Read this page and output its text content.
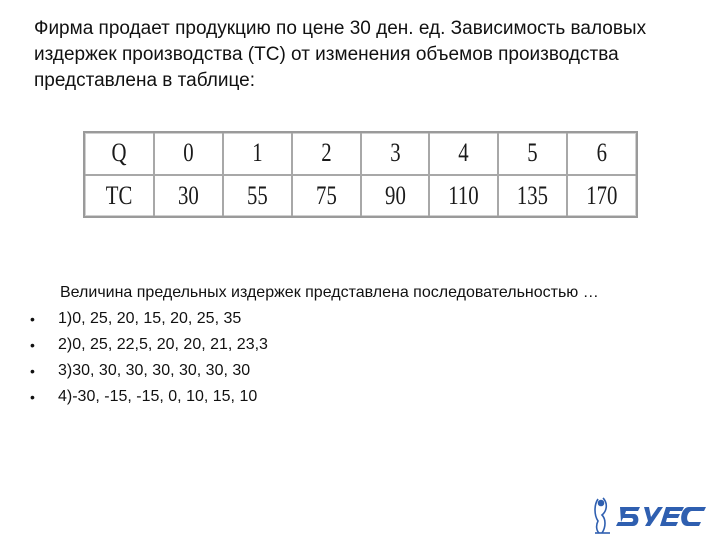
Фирма продает продукцию по цене 30 ден. ед. Зависимость валовых издержек производства (ТС) от изменения объемов производства представлена в таблице:

Q	0	1	2	3	4	5	6
TC	30	55	75	90	110	135	170

Величина предельных издержек представлена последовательностью …

• 1)0, 25, 20, 15, 20, 25, 35
• 2)0, 25, 22,5, 20, 20, 21, 23,3
• 3)30, 30, 30, 30, 30, 30, 30
• 4)-30, -15, -15, 0, 10, 15, 10
